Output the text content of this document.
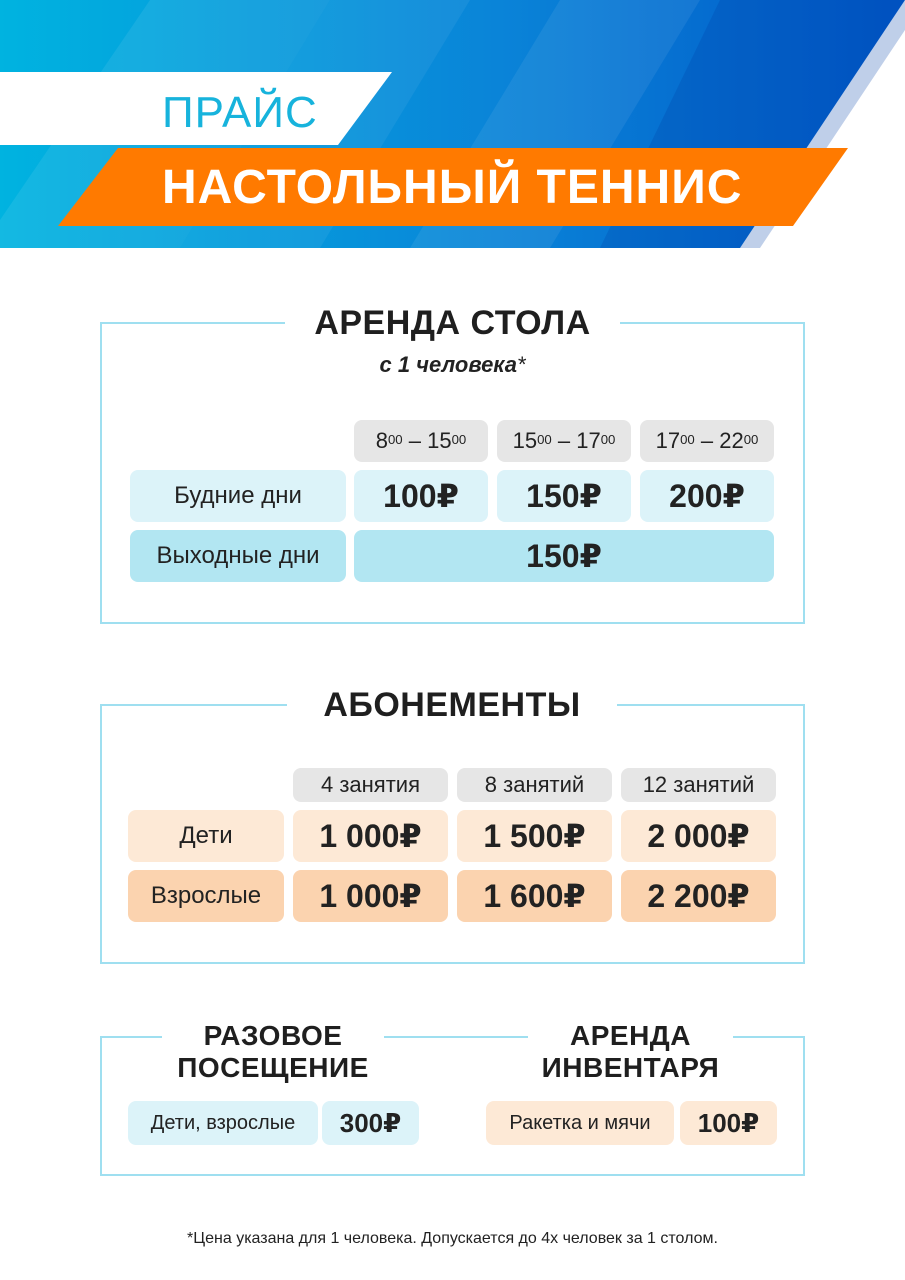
ПРАЙС
НАСТОЛЬНЫЙ ТЕННИС
АРЕНДА СТОЛА
с 1 человека*
$8^{00} - 15^{00}$ $15^{00} - 17^{00}$ $17^{00} - 22^{00}$
Будние дни	100₽	150₽	200₽
Выходные дни	150₽
АБОНЕМЕНТЫ
4 занятия	8 занятий	12 занятий
Дети	1 000₽	1 500₽	2 000₽
Взрослые	1 000₽	1 600₽	2 200₽
РАЗОВОЕ
ПОСЕЩЕНИЕ
АРЕНДА
ИНВЕНТАРЯ
Дети, взрослые	300₽	Ракетка и мячи	100₽
*Цена указана для 1 человека. Допускается до 4х человек за 1 столом.
